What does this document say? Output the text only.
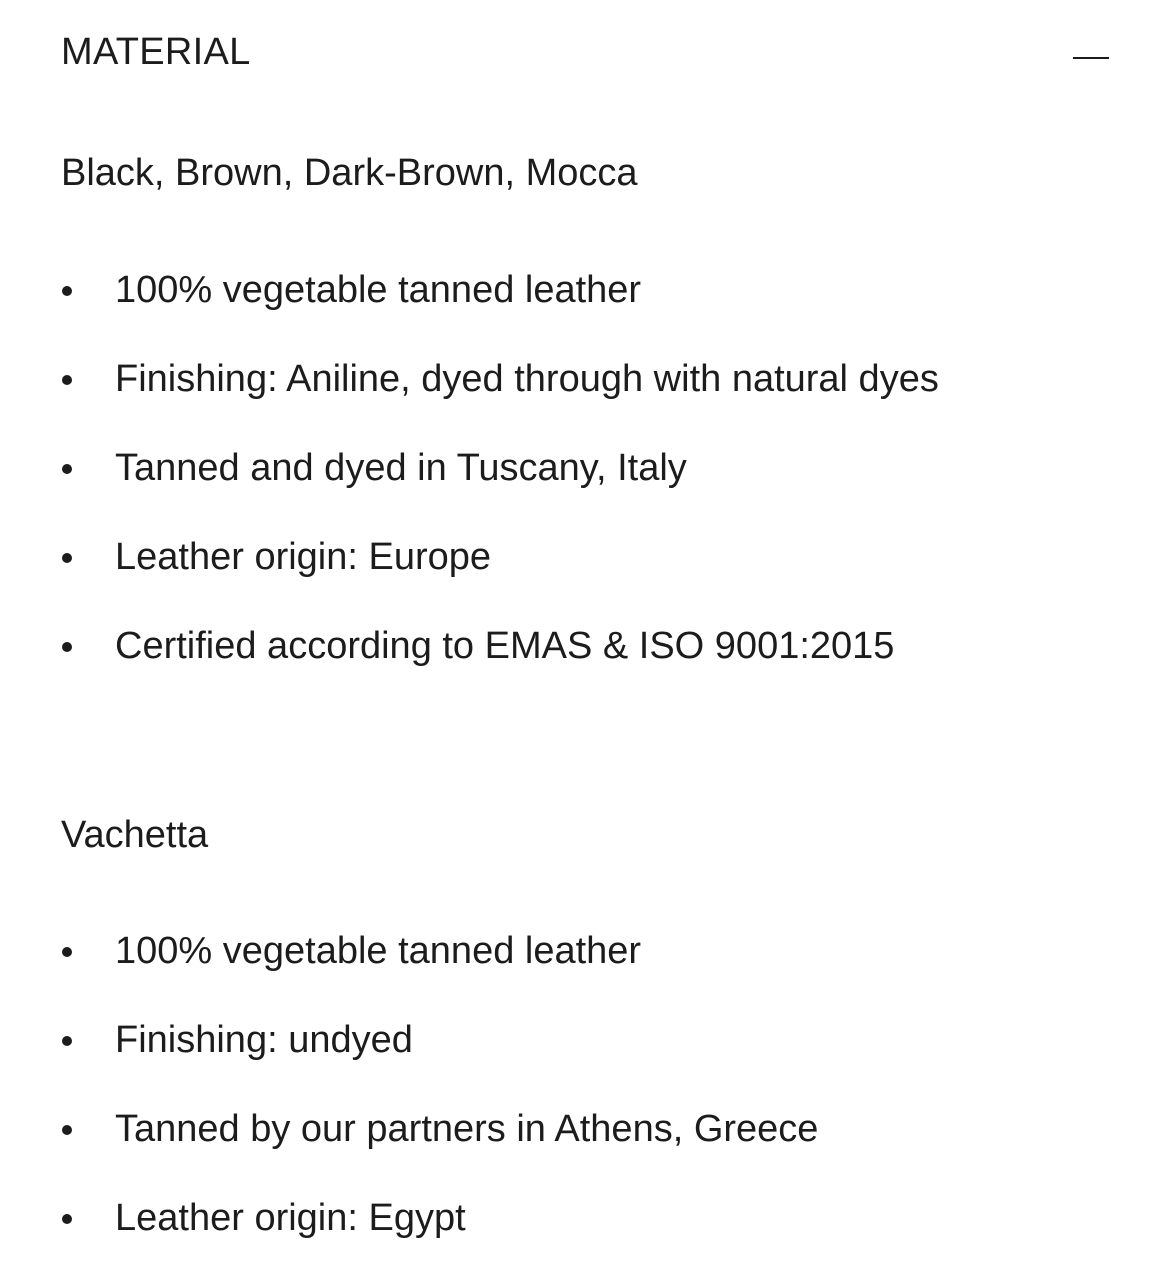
MATERIAL
Black, Brown, Dark-Brown, Mocca
100% vegetable tanned leather
Finishing: Aniline, dyed through with natural dyes
Tanned and dyed in Tuscany, Italy
Leather origin: Europe
Certified according to EMAS & ISO 9001:2015
Vachetta
100% vegetable tanned leather
Finishing: undyed
Tanned by our partners in Athens, Greece
Leather origin: Egypt
